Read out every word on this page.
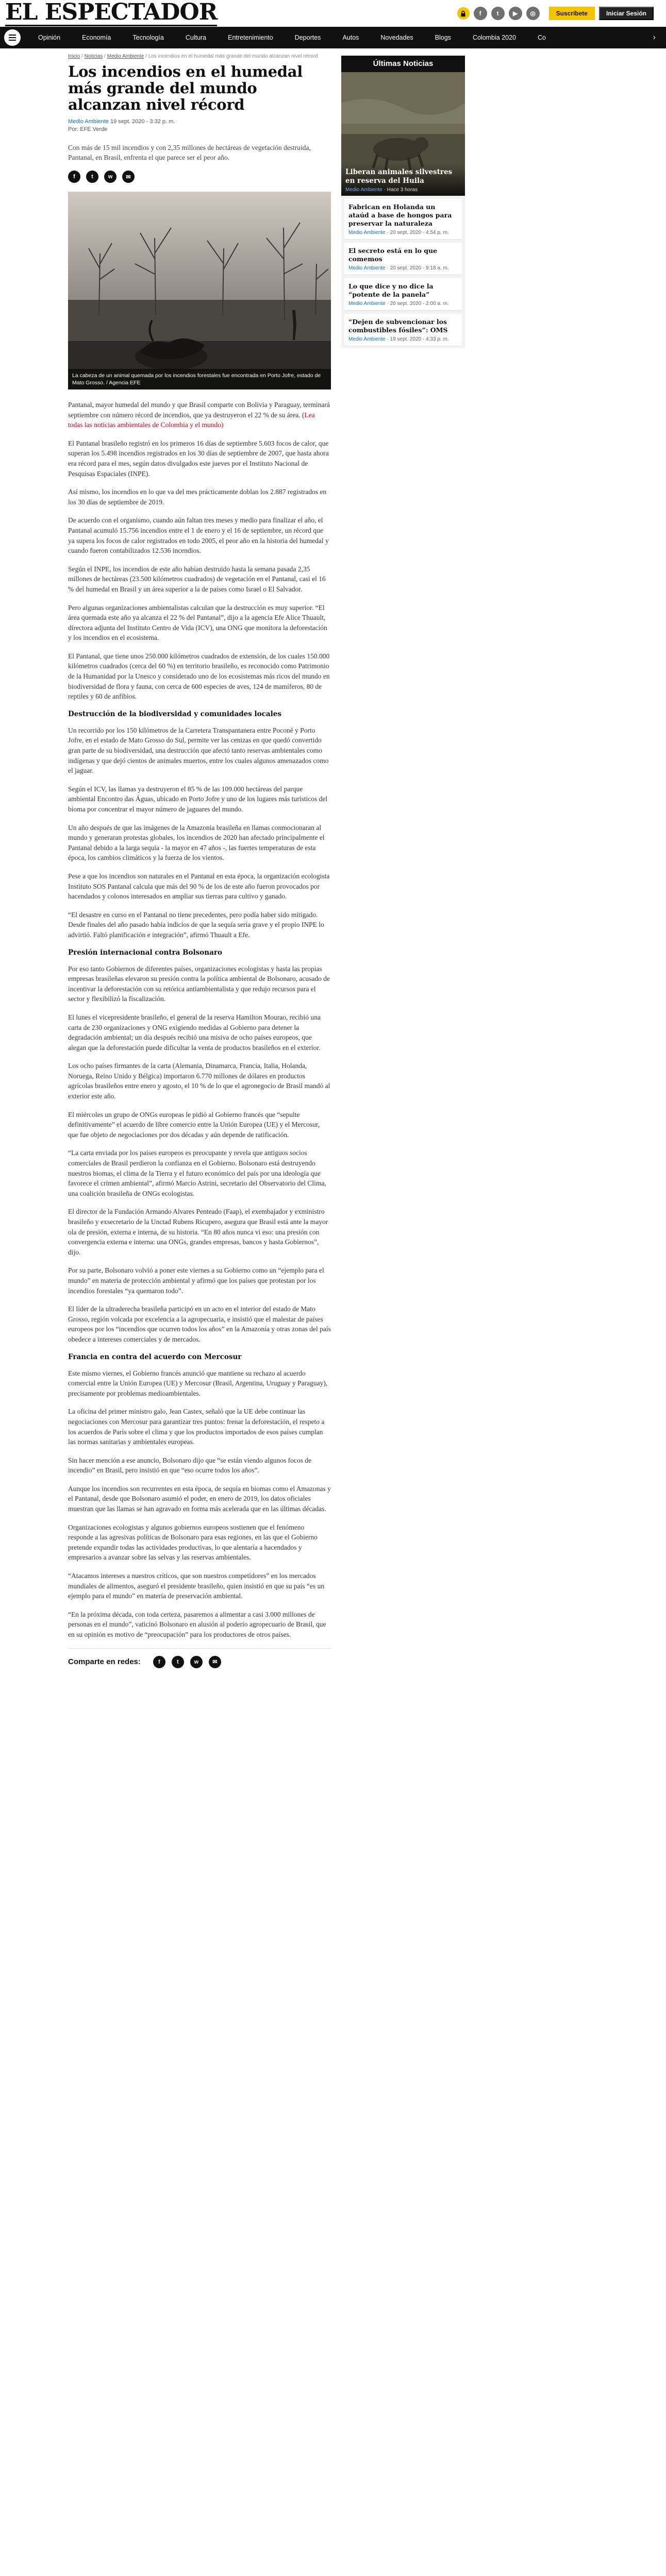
EL ESPECTADOR	f	t	▶	◎	Suscríbete	Iniciar Sesión
Opinión	Economía	Tecnología	Cultura	Entretenimiento	Deportes	Autos	Novedades	Blogs	Colombia 2020	Co	›
Inicio / Noticias / Medio Ambiente / Los incendios en el humedal más grande del mundo alcanzan nivel récord
Los incendios en el humedal más grande del mundo alcanzan nivel récord
Medio Ambiente 19 sept. 2020 - 3:32 p. m.
Por: EFE Verde

Con más de 15 mil incendios y con 2,35 millones de hectáreas de vegetación destruida, Pantanal, en Brasil, enfrenta el que parece ser el peor año.

f	t	w	✉
La cabeza de un animal quemada por los incendios forestales fue encontrada en Porto Jofre, estado de Mato Grosso. / Agencia EFE

Pantanal, mayor humedal del mundo y que Brasil comparte con Bolivia y Paraguay, terminará septiembre con número récord de incendios, que ya destruyeron el 22 % de su área. (Lea todas las noticias ambientales de Colombia y el mundo)

El Pantanal brasileño registró en los primeros 16 días de septiembre 5.603 focos de calor, que superan los 5.498 incendios registrados en los 30 días de septiembre de 2007, que hasta ahora era récord para el mes, según datos divulgados este jueves por el Instituto Nacional de Pesquisas Espaciales (INPE).

Así mismo, los incendios en lo que va del mes prácticamente doblan los 2.887 registrados en los 30 días de septiembre de 2019.

De acuerdo con el organismo, cuando aún faltan tres meses y medio para finalizar el año, el Pantanal acumuló 15.756 incendios entre el 1 de enero y el 16 de septiembre, un récord que ya supera los focos de calor registrados en todo 2005, el peor año en la historia del humedal y cuando fueron contabilizados 12.536 incendios.

Según el INPE, los incendios de este año habían destruido hasta la semana pasada 2,35 millones de hectáreas (23.500 kilómetros cuadrados) de vegetación en el Pantanal, casi el 16 % del humedal en Brasil y un área superior a la de países como Israel o El Salvador.

Pero algunas organizaciones ambientalistas calculan que la destrucción es muy superior. “El área quemada este año ya alcanza el 22 % del Pantanal”, dijo a la agencia Efe Alice Thuault, directora adjunta del Instituto Centro de Vida (ICV), una ONG que monitora la deforestación y los incendios en el ecosistema.

El Pantanal, que tiene unos 250.000 kilómetros cuadrados de extensión, de los cuales 150.000 kilómetros cuadrados (cerca del 60 %) en territorio brasileño, es reconocido como Patrimonio de la Humanidad por la Unesco y considerado uno de los ecosistemas más ricos del mundo en biodiversidad de flora y fauna, con cerca de 600 especies de aves, 124 de mamíferos, 80 de reptiles y 60 de anfibios.

Destrucción de la biodiversidad y comunidades locales

Un recorrido por los 150 kilómetros de la Carretera Transpantanera entre Poconé y Porto Jofre, en el estado de Mato Grosso do Sul, permite ver las cenizas en que quedó convertido gran parte de su biodiversidad, una destrucción que afectó tanto reservas ambientales como indígenas y que dejó cientos de animales muertos, entre los cuales algunos amenazados como el jaguar.

Según el ICV, las llamas ya destruyeron el 85 % de las 109.000 hectáreas del parque ambiental Encontro das Águas, ubicado en Porto Jofre y uno de los lugares más turísticos del bioma por concentrar el mayor número de jaguares del mundo.

Un año después de que las imágenes de la Amazonia brasileña en llamas conmocionaran al mundo y generaran protestas globales, los incendios de 2020 han afectado principalmente el Pantanal debido a la larga sequía - la mayor en 47 años -, las fuertes temperaturas de esta época, los cambios climáticos y la fuerza de los vientos.

Pese a que los incendios son naturales en el Pantanal en esta época, la organización ecologista Instituto SOS Pantanal calcula que más del 90 % de los de este año fueron provocados por hacendados y colonos interesados en ampliar sus tierras para cultivo y ganado.

“El desastre en curso en el Pantanal no tiene precedentes, pero podía haber sido mitigado. Desde finales del año pasado había indicios de que la sequía sería grave y el propio INPE lo advirtió. Faltó planificación e integración”, afirmó Thuault a Efe.

Presión internacional contra Bolsonaro

Por eso tanto Gobiernos de diferentes países, organizaciones ecologistas y hasta las propias empresas brasileñas elevaron su presión contra la política ambiental de Bolsonaro, acusado de incentivar la deforestación con su retórica antiambientalista y que redujo recursos para el sector y flexibilizó la fiscalización.

El lunes el vicepresidente brasileño, el general de la reserva Hamilton Mourao, recibió una carta de 230 organizaciones y ONG exigiendo medidas al Gobierno para detener la degradación ambiental; un día después recibió una misiva de ocho países europeos, que alegan que la deforestación puede dificultar la venta de productos brasileños en el exterior.

Los ocho países firmantes de la carta (Alemania, Dinamarca, Francia, Italia, Holanda, Noruega, Reino Unido y Bélgica) importaron 6.770 millones de dólares en productos agrícolas brasileños entre enero y agosto, el 10 % de lo que el agronegocio de Brasil mandó al exterior este año.

El miércoles un grupo de ONGs europeas le pidió al Gobierno francés que “sepulte definitivamente” el acuerdo de libre comercio entre la Unión Europea (UE) y el Mercosur, que fue objeto de negociaciones por dos décadas y aún depende de ratificación.

“La carta enviada por los países europeos es preocupante y revela que antiguos socios comerciales de Brasil perdieron la confianza en el Gobierno. Bolsonaro está destruyendo nuestros biomas, el clima de la Tierra y el futuro económico del país por una ideología que favorece el crimen ambiental”, afirmó Marcio Astrini, secretario del Observatorio del Clima, una coalición brasileña de ONGs ecologistas.

El director de la Fundación Armando Alvares Penteado (Faap), el exembajador y exministro brasileño y exsecretario de la Unctad Rubens Ricupero, asegura que Brasil está ante la mayor ola de presión, externa e interna, de su historia. “En 80 años nunca vi eso: una presión con convergencia externa e interna: una ONGs, grandes empresas, bancos y hasta Gobiernos”, dijo.

Por su parte, Bolsonaro volvió a poner este viernes a su Gobierno como un “ejemplo para el mundo” en materia de protección ambiental y afirmó que los países que protestan por los incendios forestales “ya quemaron todo”.

El líder de la ultraderecha brasileña participó en un acto en el interior del estado de Mato Grosso, región volcada por excelencia a la agropecuaria, e insistió que el malestar de países europeos por los “incendios que ocurren todos los años” en la Amazonía y otras zonas del país obedece a intereses comerciales y de mercados.

Francia en contra del acuerdo con Mercosur

Este mismo viernes, el Gobierno francés anunció que mantiene su rechazo al acuerdo comercial entre la Unión Europea (UE) y Mercosur (Brasil, Argentina, Uruguay y Paraguay), precisamente por problemas medioambientales.

La oficina del primer ministro galo, Jean Castex, señaló que la UE debe continuar las negociaciones con Mercosur para garantizar tres puntos: frenar la deforestación, el respeto a los acuerdos de París sobre el clima y que los productos importados de esos países cumplan las normas sanitarias y ambientales europeas.

Sin hacer mención a ese anuncio, Bolsonaro dijo que “se están viendo algunos focos de incendio” en Brasil, pero insistió en que “eso ocurre todos los años”.

Aunque los incendios son recurrentes en esta época, de sequía en biomas como el Amazonas y el Pantanal, desde que Bolsonaro asumió el poder, en enero de 2019, los datos oficiales muestran que las llamas se han agravado en forma más acelerada que en las últimas décadas.

Organizaciones ecologistas y algunos gobiernos europeos sostienen que el fenómeno responde a las agresivas políticas de Bolsonaro para esas regiones, en las que el Gobierno pretende expandir todas las actividades productivas, lo que alentaría a hacendados y empresarios a avanzar sobre las selvas y las reservas ambientales.

“Atacamos intereses a nuestros críticos, que son nuestros competidores” en los mercados mundiales de alimentos, aseguró el presidente brasileño, quien insistió en que su país “es un ejemplo para el mundo” en materia de preservación ambiental.

“En la próxima década, con toda certeza, pasaremos a alimentar a casi 3.000 millones de personas en el mundo”, vaticinó Bolsonaro en alusión al poderío agropecuario de Brasil, que en su opinión es motivo de “preocupación” para los productores de otros países.

Comparte en redes:	f	t	w	✉
Últimas Noticias
Liberan animales silvestres en reserva del Huila
Medio Ambiente · Hace 3 horas
Fabrican en Holanda un ataúd a base de hongos para preservar la naturaleza
Medio Ambiente · 20 sept. 2020 - 4:54 p. m.
El secreto está en lo que comemos
Medio Ambiente · 20 sept. 2020 - 9:18 a. m.
Lo que dice y no dice la “potente de la panela”
Medio Ambiente · 20 sept. 2020 - 2:00 a. m.
“Dejen de subvencionar los combustibles fósiles”: OMS
Medio Ambiente · 19 sept. 2020 - 4:33 p. m.
